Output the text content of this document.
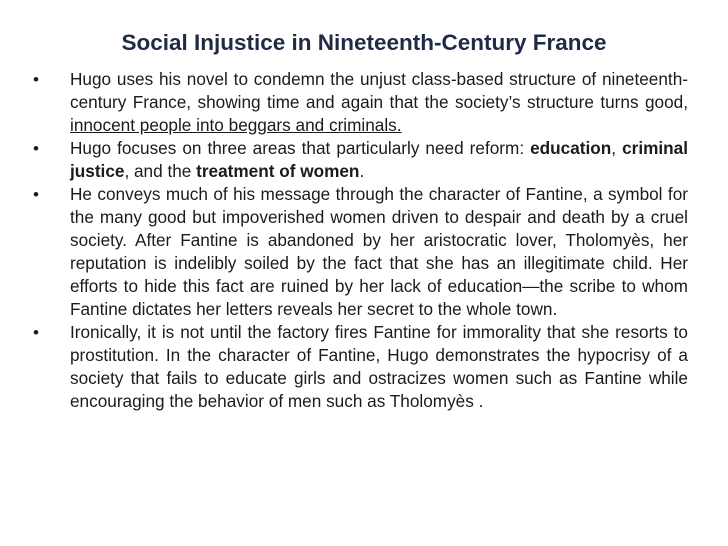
Social Injustice in Nineteenth-Century France
•	Hugo uses his novel to condemn the unjust class-based structure of nineteenth-century France, showing time and again that the society’s structure turns good, innocent people into beggars and criminals.
•	Hugo focuses on three areas that particularly need reform: education, criminal justice, and the treatment of women.
•	He conveys much of his message through the character of Fantine, a symbol for the many good but impoverished women driven to despair and death by a cruel society. After Fantine is abandoned by her aristocratic lover, Tholomyès, her reputation is indelibly soiled by the fact that she has an illegitimate child. Her efforts to hide this fact are ruined by her lack of education—the scribe to whom Fantine dictates her letters reveals her secret to the whole town.
•	Ironically, it is not until the factory fires Fantine for immorality that she resorts to prostitution. In the character of Fantine, Hugo demonstrates the hypocrisy of a society that fails to educate girls and ostracizes women such as Fantine while encouraging the behavior of men such as Tholomyès .
